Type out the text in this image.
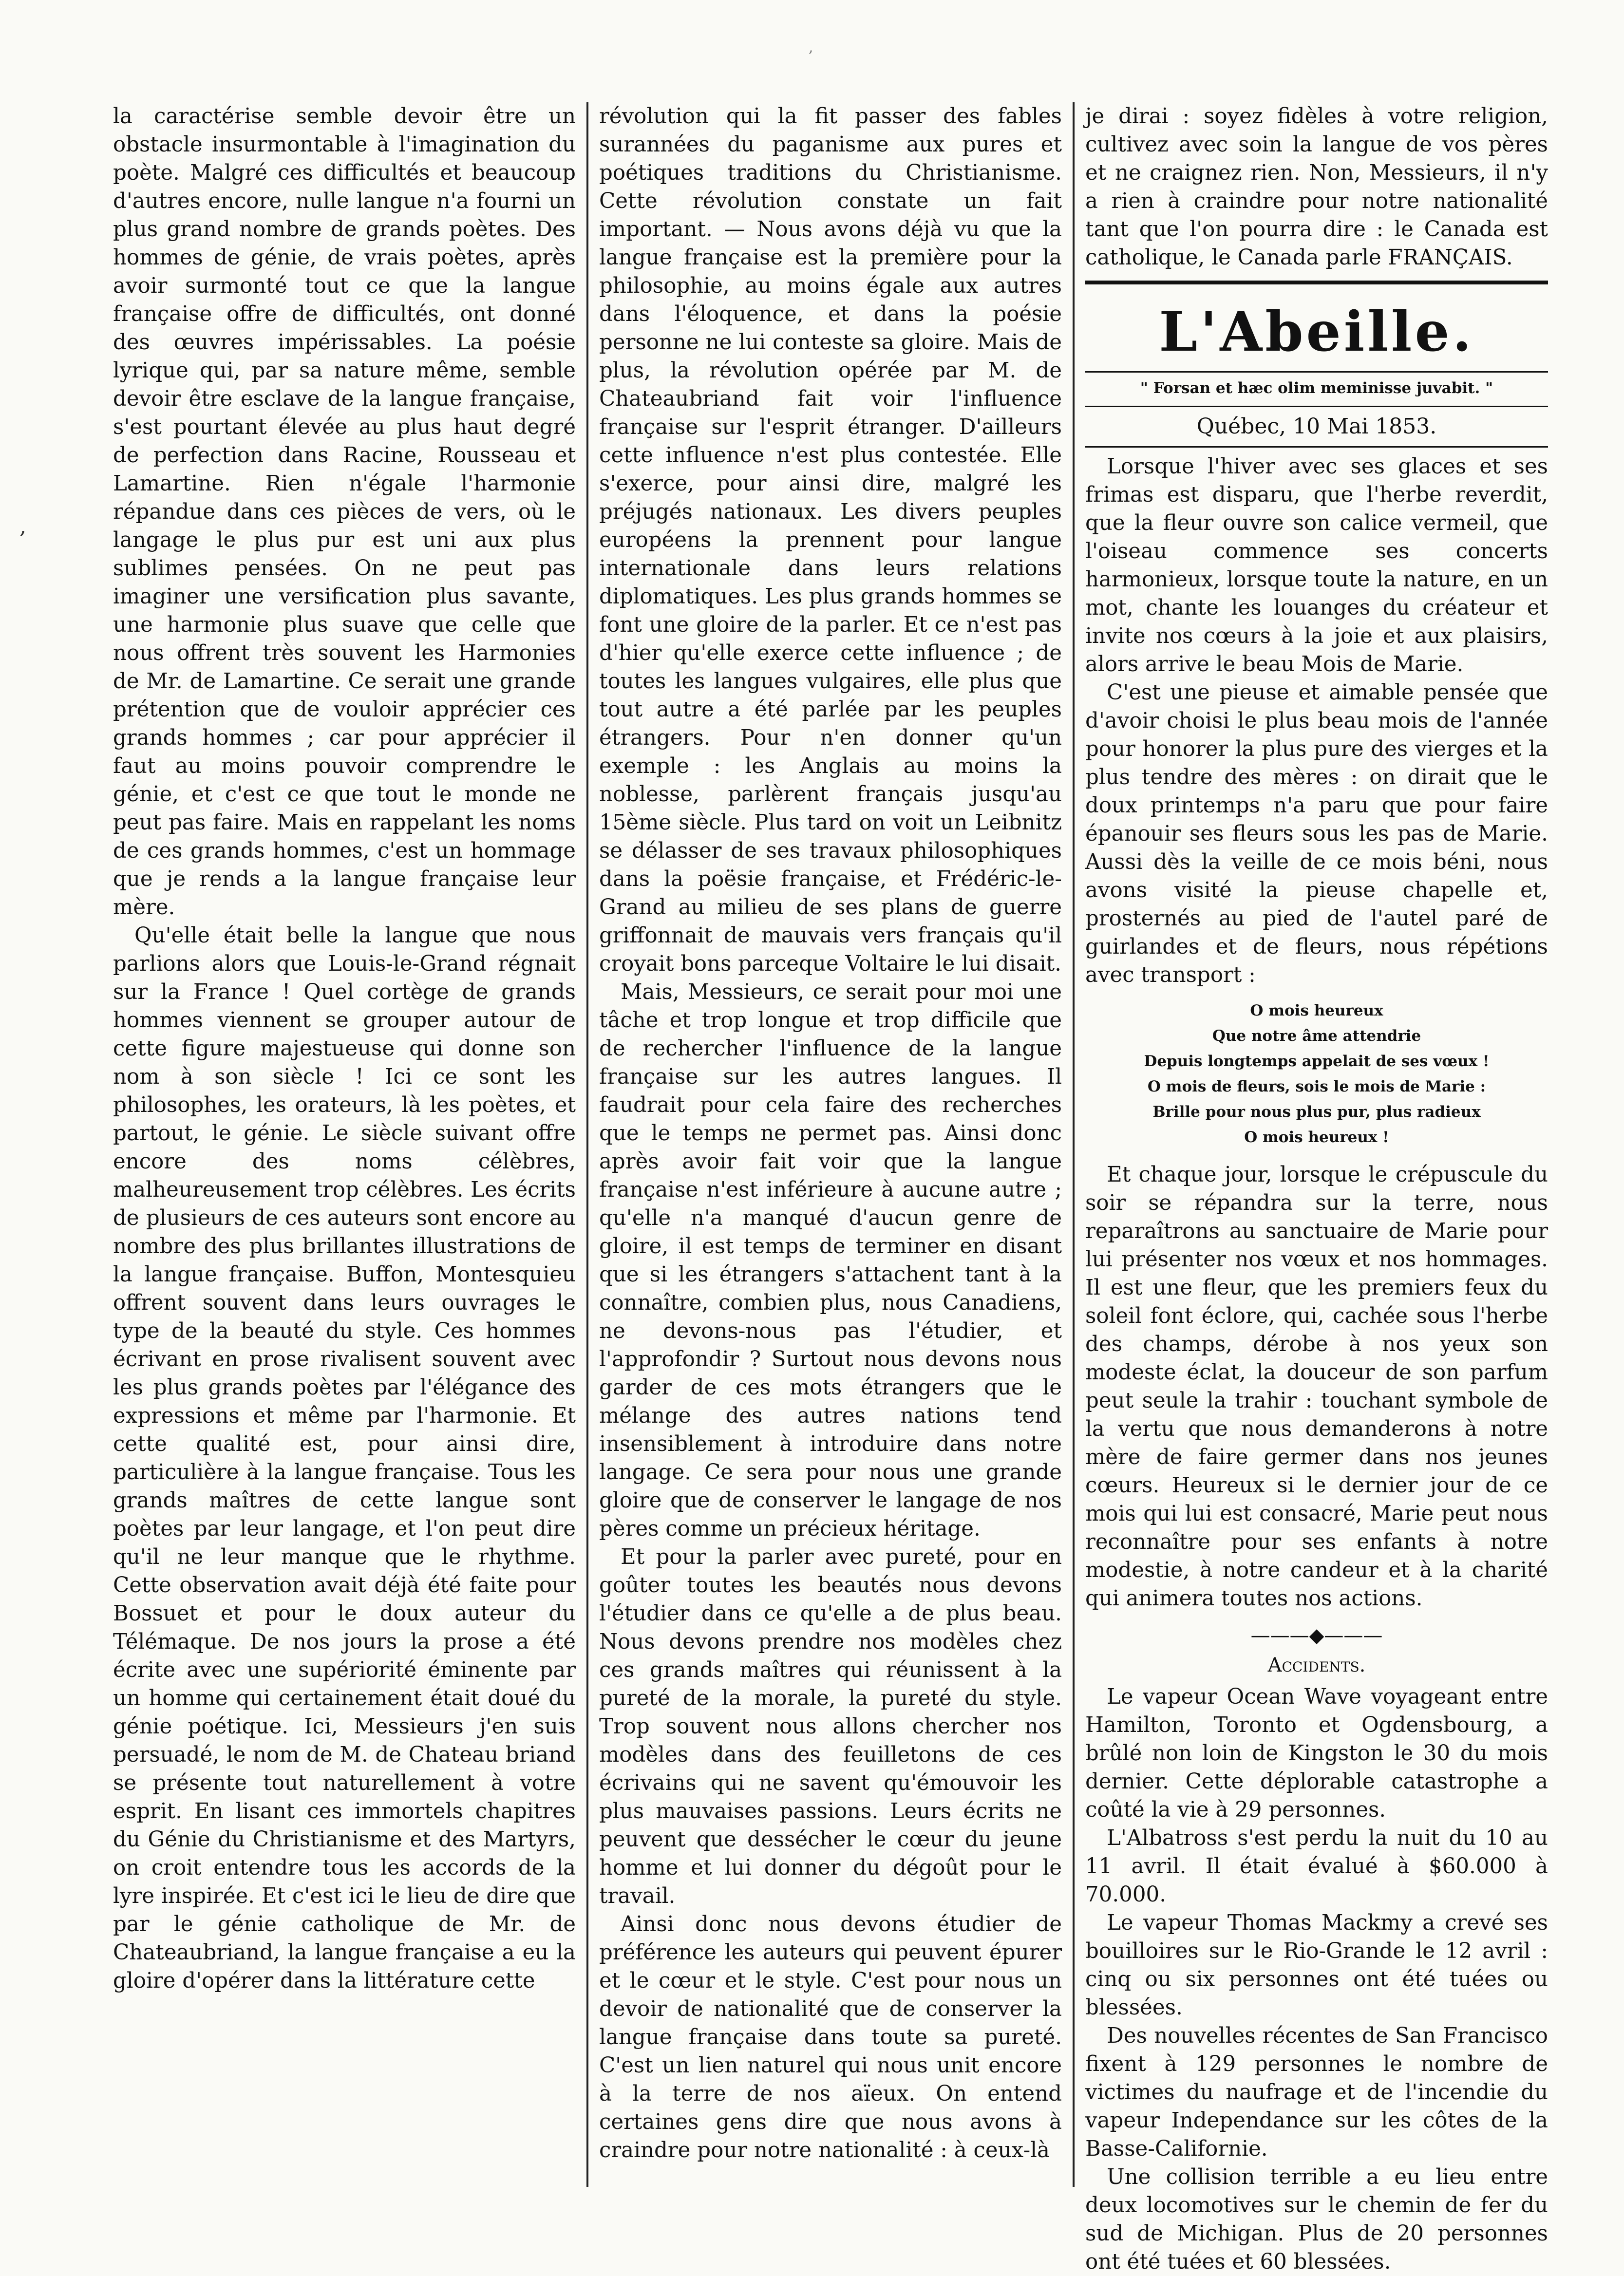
,
,

la caractérise semble devoir être un obstacle insurmontable à l'imagination du poète. Malgré ces difficultés et beaucoup d'autres encore, nulle langue n'a fourni un plus grand nombre de grands poètes. Des hommes de génie, de vrais poètes, après avoir surmonté tout ce que la langue française offre de difficultés, ont donné des œuvres impérissables. La poésie lyrique qui, par sa nature même, semble devoir être esclave de la langue française, s'est pourtant élevée au plus haut degré de perfection dans Racine, Rousseau et Lamartine. Rien n'égale l'harmonie répandue dans ces pièces de vers, où le langage le plus pur est uni aux plus sublimes pensées. On ne peut pas imaginer une versification plus savante, une harmonie plus suave que celle que nous offrent très souvent les Harmonies de Mr. de Lamartine. Ce serait une grande prétention que de vouloir apprécier ces grands hommes ; car pour apprécier il faut au moins pouvoir comprendre le génie, et c'est ce que tout le monde ne peut pas faire. Mais en rappelant les noms de ces grands hommes, c'est un hommage que je rends a la langue française leur mère.

Qu'elle était belle la langue que nous parlions alors que Louis-le-Grand régnait sur la France ! Quel cortège de grands hommes viennent se grouper autour de cette figure majestueuse qui donne son nom à son siècle ! Ici ce sont les philosophes, les orateurs, là les poètes, et partout, le génie. Le siècle suivant offre encore des noms célèbres, malheureusement trop célèbres. Les écrits de plusieurs de ces auteurs sont encore au nombre des plus brillantes illustrations de la langue française. Buffon, Montesquieu offrent souvent dans leurs ouvrages le type de la beauté du style. Ces hommes écrivant en prose rivalisent souvent avec les plus grands poètes par l'élégance des expressions et même par l'harmonie. Et cette qualité est, pour ainsi dire, particulière à la langue française. Tous les grands maîtres de cette langue sont poètes par leur langage, et l'on peut dire qu'il ne leur manque que le rhythme. Cette observation avait déjà été faite pour Bossuet et pour le doux auteur du Télémaque. De nos jours la prose a été écrite avec une supériorité éminente par un homme qui certainement était doué du génie poétique. Ici, Messieurs j'en suis persuadé, le nom de M. de Chateau briand se présente tout naturellement à votre esprit. En lisant ces immortels chapitres du Génie du Christianisme et des Martyrs, on croit entendre tous les accords de la lyre inspirée. Et c'est ici le lieu de dire que par le génie catholique de Mr. de Chateaubriand, la langue française a eu la gloire d'opérer dans la littérature cette

révolution qui la fit passer des fables surannées du paganisme aux pures et poétiques traditions du Christianisme. Cette révolution constate un fait important. — Nous avons déjà vu que la langue française est la première pour la philosophie, au moins égale aux autres dans l'éloquence, et dans la poésie personne ne lui conteste sa gloire. Mais de plus, la révolution opérée par M. de Chateaubriand fait voir l'influence française sur l'esprit étranger. D'ailleurs cette influence n'est plus contestée. Elle s'exerce, pour ainsi dire, malgré les préjugés nationaux. Les divers peuples européens la prennent pour langue internationale dans leurs relations diplomatiques. Les plus grands hommes se font une gloire de la parler. Et ce n'est pas d'hier qu'elle exerce cette influence ; de toutes les langues vulgaires, elle plus que tout autre a été parlée par les peuples étrangers. Pour n'en donner qu'un exemple : les Anglais au moins la noblesse, parlèrent français jusqu'au 15ème siècle. Plus tard on voit un Leibnitz se délasser de ses travaux philosophiques dans la poësie française, et Frédéric-le-Grand au milieu de ses plans de guerre griffonnait de mauvais vers français qu'il croyait bons parceque Voltaire le lui disait.

Mais, Messieurs, ce serait pour moi une tâche et trop longue et trop difficile que de rechercher l'influence de la langue française sur les autres langues. Il faudrait pour cela faire des recherches que le temps ne permet pas. Ainsi donc après avoir fait voir que la langue française n'est inférieure à aucune autre ; qu'elle n'a manqué d'aucun genre de gloire, il est temps de terminer en disant que si les étrangers s'attachent tant à la connaître, combien plus, nous Canadiens, ne devons-nous pas l'étudier, et l'approfondir ? Surtout nous devons nous garder de ces mots étrangers que le mélange des autres nations tend insensiblement à introduire dans notre langage. Ce sera pour nous une grande gloire que de conserver le langage de nos pères comme un précieux héritage.

Et pour la parler avec pureté, pour en goûter toutes les beautés nous devons l'étudier dans ce qu'elle a de plus beau. Nous devons prendre nos modèles chez ces grands maîtres qui réunissent à la pureté de la morale, la pureté du style. Trop souvent nous allons chercher nos modèles dans des feuilletons de ces écrivains qui ne savent qu'émouvoir les plus mauvaises passions. Leurs écrits ne peuvent que dessécher le cœur du jeune homme et lui donner du dégoût pour le travail.

Ainsi donc nous devons étudier de préférence les auteurs qui peuvent épurer et le cœur et le style. C'est pour nous un devoir de nationalité que de conserver la langue française dans toute sa pureté. C'est un lien naturel qui nous unit encore à la terre de nos aïeux. On entend certaines gens dire que nous avons à craindre pour notre nationalité : à ceux-là

je dirai : soyez fidèles à votre religion, cultivez avec soin la langue de vos pères et ne craignez rien. Non, Messieurs, il n'y a rien à craindre pour notre nationalité tant que l'on pourra dire : le Canada est catholique, le Canada parle FRANÇAIS.

L'Abeille.
" Forsan et hæc olim meminisse juvabit. "
Québec, 10 Mai 1853.

Lorsque l'hiver avec ses glaces et ses frimas est disparu, que l'herbe reverdit, que la fleur ouvre son calice vermeil, que l'oiseau commence ses concerts harmonieux, lorsque toute la nature, en un mot, chante les louanges du créateur et invite nos cœurs à la joie et aux plaisirs, alors arrive le beau Mois de Marie.

C'est une pieuse et aimable pensée que d'avoir choisi le plus beau mois de l'année pour honorer la plus pure des vierges et la plus tendre des mères : on dirait que le doux printemps n'a paru que pour faire épanouir ses fleurs sous les pas de Marie. Aussi dès la veille de ce mois béni, nous avons visité la pieuse chapelle et, prosternés au pied de l'autel paré de guirlandes et de fleurs, nous répétions avec transport :

O mois heureux
Que notre âme attendrie
Depuis longtemps appelait de ses vœux !
O mois de fleurs, sois le mois de Marie :
Brille pour nous plus pur, plus radieux
O mois heureux !

Et chaque jour, lorsque le crépuscule du soir se répandra sur la terre, nous reparaîtrons au sanctuaire de Marie pour lui présenter nos vœux et nos hommages. Il est une fleur, que les premiers feux du soleil font éclore, qui, cachée sous l'herbe des champs, dérobe à nos yeux son modeste éclat, la douceur de son parfum peut seule la trahir : touchant symbole de la vertu que nous demanderons à notre mère de faire germer dans nos jeunes cœurs. Heureux si le dernier jour de ce mois qui lui est consacré, Marie peut nous reconnaître pour ses enfants à notre modestie, à notre candeur et à la charité qui animera toutes nos actions.

———◆———
Accidents.

Le vapeur Ocean Wave voyageant entre Hamilton, Toronto et Ogdensbourg, a brûlé non loin de Kingston le 30 du mois dernier. Cette déplorable catastrophe a coûté la vie à 29 personnes.

L'Albatross s'est perdu la nuit du 10 au 11 avril. Il était évalué à $60.000 à 70.000.

Le vapeur Thomas Mackmy a crevé ses bouilloires sur le Rio-Grande le 12 avril : cinq ou six personnes ont été tuées ou blessées.

Des nouvelles récentes de San Francisco fixent à 129 personnes le nombre de victimes du naufrage et de l'incendie du vapeur Independance sur les côtes de la Basse-Californie.

Une collision terrible a eu lieu entre deux locomotives sur le chemin de fer du sud de Michigan. Plus de 20 personnes ont été tuées et 60 blessées.
